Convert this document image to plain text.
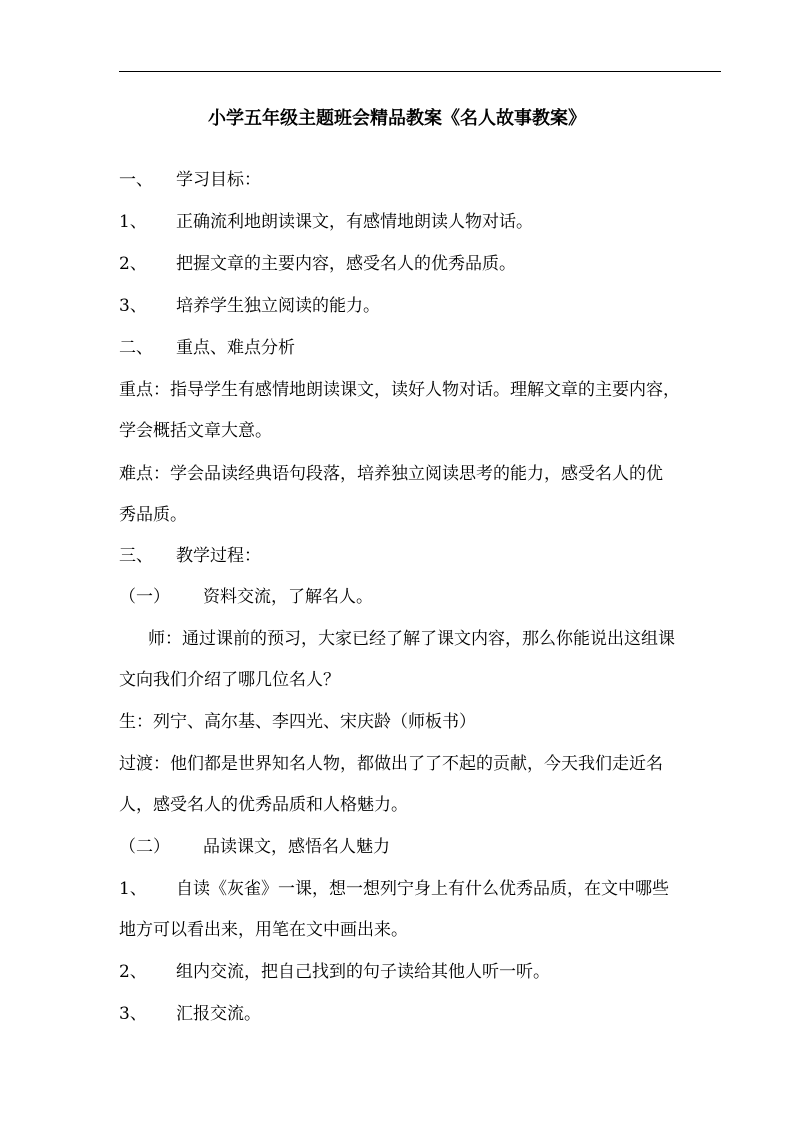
小学五年级主题班会精品教案《名人故事教案》
一、 学习目标：
1、 正确流利地朗读课文，有感情地朗读人物对话。
2、 把握文章的主要内容，感受名人的优秀品质。
3、 培养学生独立阅读的能力。
二、 重点、难点分析
重点：指导学生有感情地朗读课文，读好人物对话。理解文章的主要内容，
学会概括文章大意。
难点：学会品读经典语句段落，培养独立阅读思考的能力，感受名人的优
秀品质。
三、 教学过程：
（一） 资料交流，了解名人。
师：通过课前的预习，大家已经了解了课文内容，那么你能说出这组课
文向我们介绍了哪几位名人？
生：列宁、高尔基、李四光、宋庆龄（师板书）
过渡：他们都是世界知名人物，都做出了了不起的贡献，今天我们走近名
人，感受名人的优秀品质和人格魅力。
（二） 品读课文，感悟名人魅力
1、 自读《灰雀》一课，想一想列宁身上有什么优秀品质，在文中哪些
地方可以看出来，用笔在文中画出来。
2、 组内交流，把自己找到的句子读给其他人听一听。
3、 汇报交流。
